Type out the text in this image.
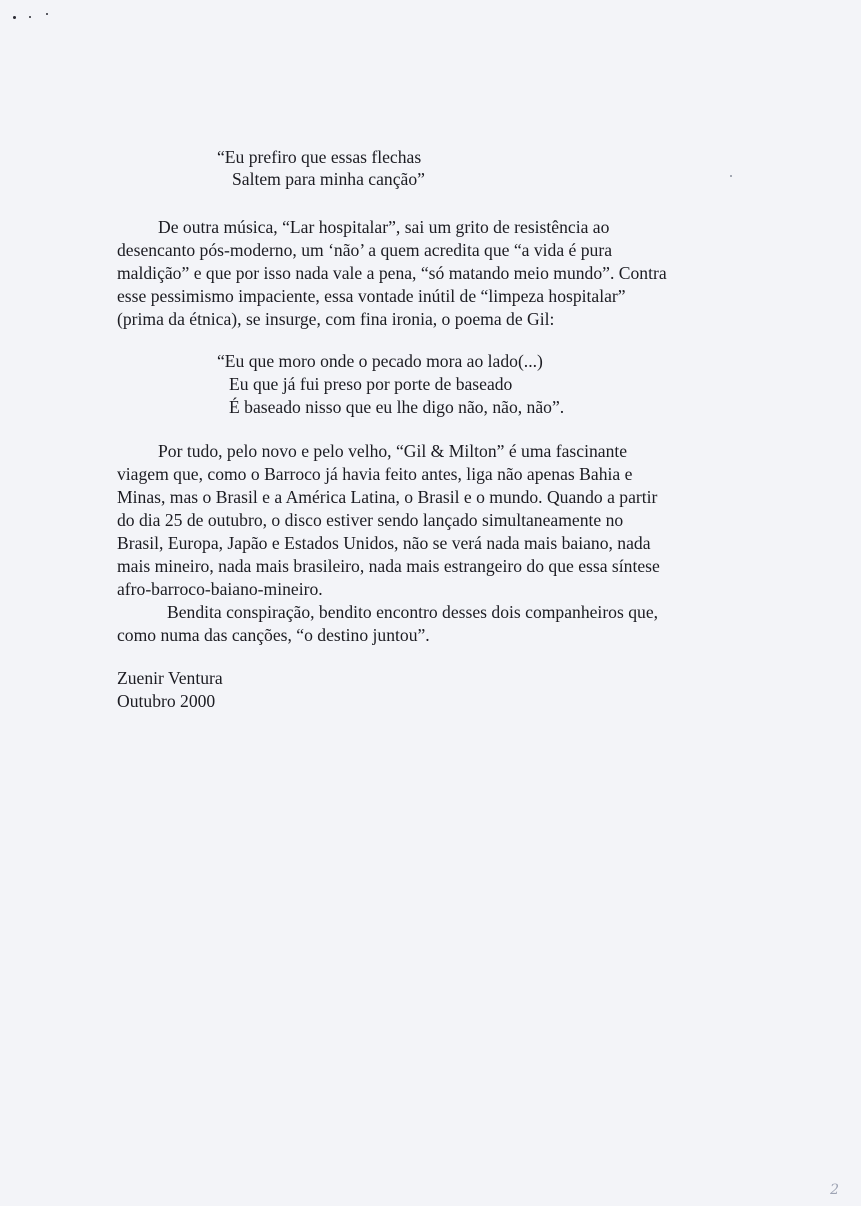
“Eu prefiro que essas flechas
Saltem para minha canção”
De outra música, “Lar hospitalar”, sai um grito de resistência ao
desencanto pós-moderno, um ‘não’ a quem acredita que “a vida é pura
maldição” e que por isso nada vale a pena, “só matando meio mundo”. Contra
esse pessimismo impaciente, essa vontade inútil de “limpeza hospitalar”
(prima da étnica), se insurge, com fina ironia, o poema de Gil:
“Eu que moro onde o pecado mora ao lado(...)
Eu que já fui preso por porte de baseado
É baseado nisso que eu lhe digo não, não, não”.
Por tudo, pelo novo e pelo velho, “Gil & Milton” é uma fascinante
viagem que, como o Barroco já havia feito antes, liga não apenas Bahia e
Minas, mas o Brasil e a América Latina, o Brasil e o mundo. Quando a partir
do dia 25 de outubro, o disco estiver sendo lançado simultaneamente no
Brasil, Europa, Japão e Estados Unidos, não se verá nada mais baiano, nada
mais mineiro, nada mais brasileiro, nada mais estrangeiro do que essa síntese
afro-barroco-baiano-mineiro.
Bendita conspiração, bendito encontro desses dois companheiros que,
como numa das canções, “o destino juntou”.
Zuenir Ventura
Outubro 2000
2
